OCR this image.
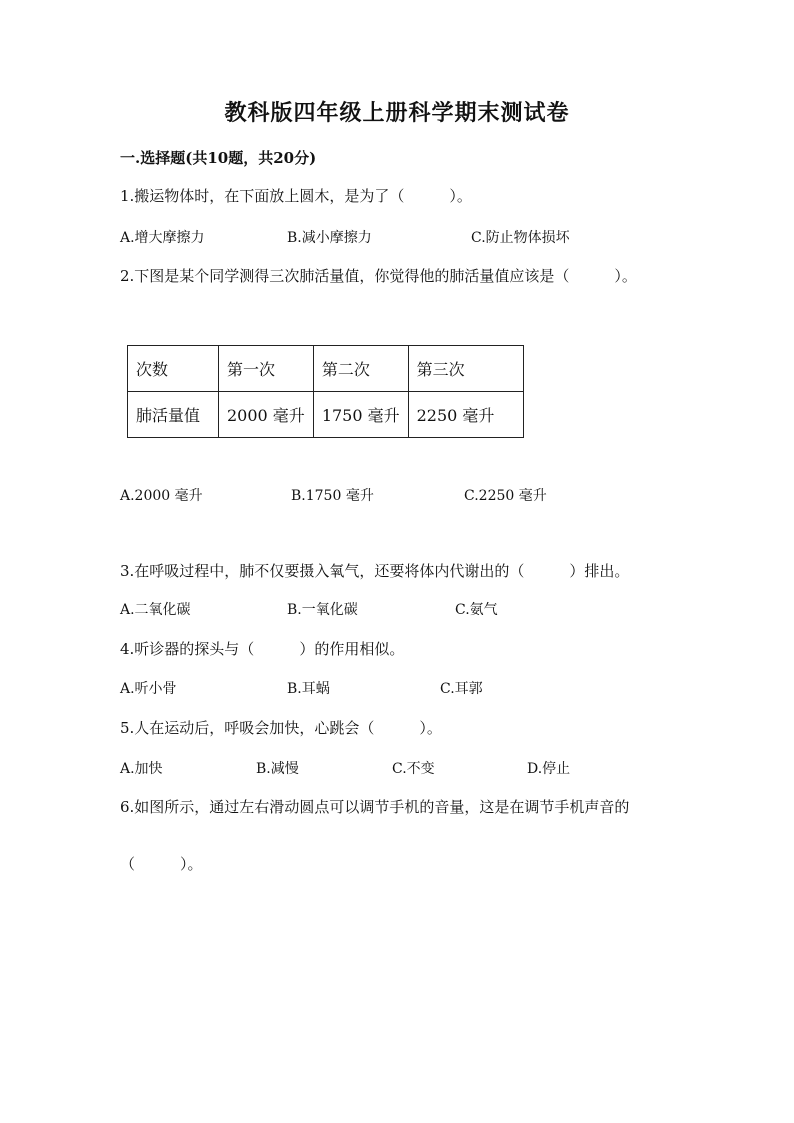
教科版四年级上册科学期末测试卷
一.选择题(共10题，共20分)
1.搬运物体时，在下面放上圆木，是为了（　　　）。
A.增大摩擦力	B.减小摩擦力	C.防止物体损坏
2.下图是某个同学测得三次肺活量值，你觉得他的肺活量值应该是（　　　）。
次数	第一次	第二次	第三次
肺活量值	2000 毫升	1750 毫升	2250 毫升
A.2000 毫升	B.1750 毫升	C.2250 毫升
3.在呼吸过程中，肺不仅要摄入氧气，还要将体内代谢出的（　　　）排出。
A.二氧化碳	B.一氧化碳	C.氨气
4.听诊器的探头与（　　　）的作用相似。
A.听小骨	B.耳蜗	C.耳郭
5.人在运动后，呼吸会加快，心跳会（　　　）。
A.加快	B.减慢	C.不变	D.停止
6.如图所示，通过左右滑动圆点可以调节手机的音量，这是在调节手机声音的
（　　　）。
